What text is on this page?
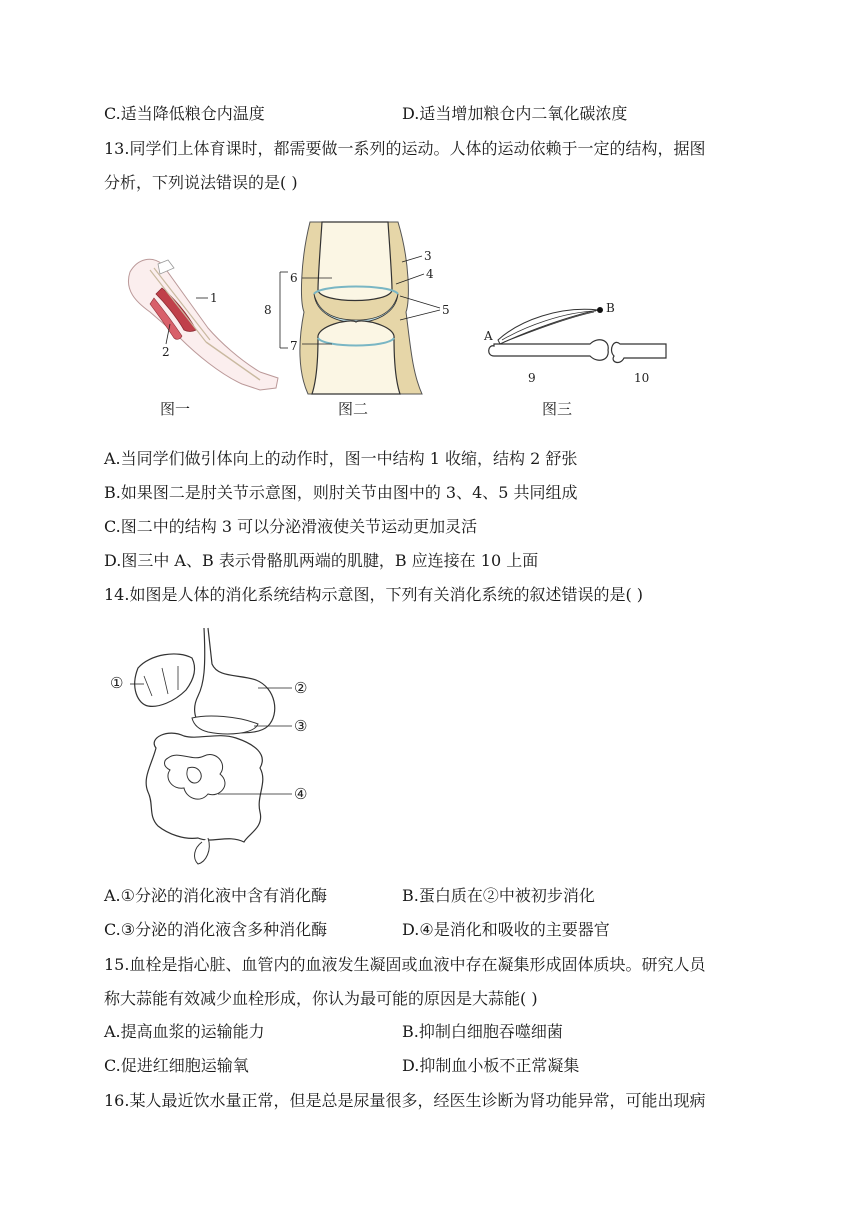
C.适当降低粮仓内温度	D.适当增加粮仓内二氧化碳浓度
13.同学们上体育课时，都需要做一系列的运动。人体的运动依赖于一定的结构，据图
分析，下列说法错误的是( )
1
2
图一
3
4
5
6
7
8
图二
A
B
9	10
图三
A.当同学们做引体向上的动作时，图一中结构 1 收缩，结构 2 舒张
B.如果图二是肘关节示意图，则肘关节由图中的 3、4、5 共同组成
C.图二中的结构 3 可以分泌滑液使关节运动更加灵活
D.图三中 A、B 表示骨骼肌两端的肌腱，B 应连接在 10 上面
14.如图是人体的消化系统结构示意图，下列有关消化系统的叙述错误的是( )
①	②
③
④
A.①分泌的消化液中含有消化酶	B.蛋白质在②中被初步消化
C.③分泌的消化液含多种消化酶	D.④是消化和吸收的主要器官
15.血栓是指心脏、血管内的血液发生凝固或血液中存在凝集形成固体质块。研究人员
称大蒜能有效减少血栓形成，你认为最可能的原因是大蒜能( )
A.提高血浆的运输能力	B.抑制白细胞吞噬细菌
C.促进红细胞运输氧	D.抑制血小板不正常凝集
16.某人最近饮水量正常，但是总是尿量很多，经医生诊断为肾功能异常，可能出现病
